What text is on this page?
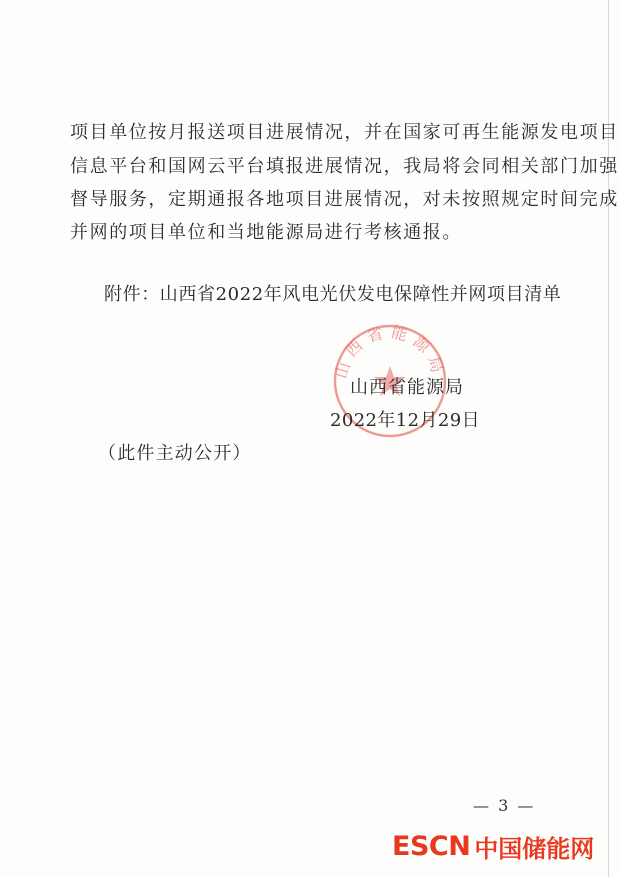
项目单位按月报送项目进展情况，并在国家可再生能源发电项目
信息平台和国网云平台填报进展情况，我局将会同相关部门加强
督导服务，定期通报各地项目进展情况，对未按照规定时间完成
并网的项目单位和当地能源局进行考核通报。
附件：山西省2022年风电光伏发电保障性并网项目清单
山西省能源局
山西省能源局
2022年12月29日
（此件主动公开）
— 3 —
ESCN 中国储能网
